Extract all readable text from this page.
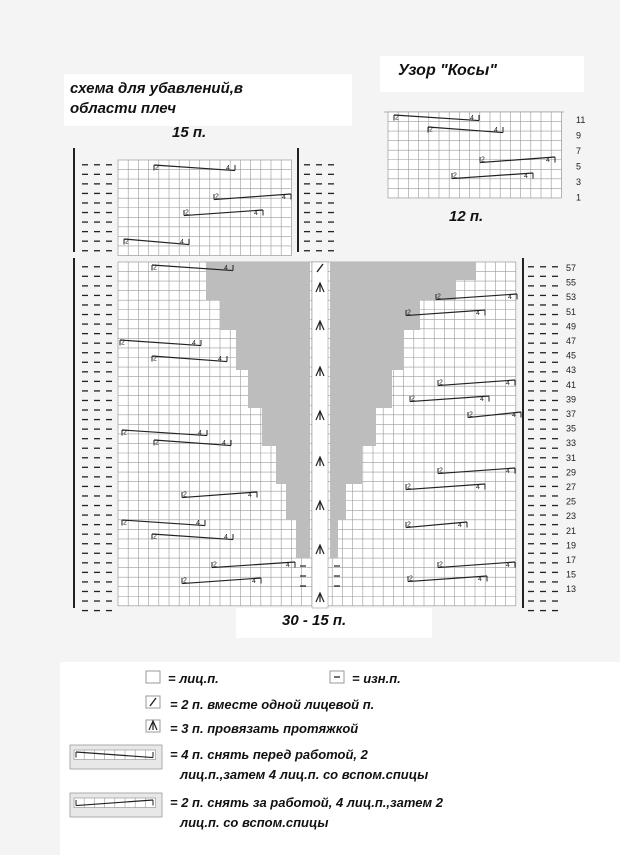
схема для убавлений,в
области плеч
15 п.
Узор "Косы"
12 п.
30 - 15 п.
2	4
2	4
2	4
2	4
2	4
2	4
2	4
2	4
11
9
7
5
3
1
2	4
2	4
2	4
2	4
2	4
2	4
2	4
2	4
2	4
2	4
2	4
2	4
2	4
2	4
2	4
2	4
2	4
2	4
2	4
2	4
57
55
53
51
49
47
45
43
41
39
37
35
33
31
29
27
25
23
21
19
17
15
13
= лиц.п.	= изн.п.
= 2 п. вместе одной лицевой п.
= 3 п. провязать протяжкой
= 4 п. снять перед работой, 2
лиц.п.,затем 4 лиц.п. со вспом.спицы
= 2 п. снять за работой, 4 лиц.п.,затем 2
лиц.п. со вспом.спицы
